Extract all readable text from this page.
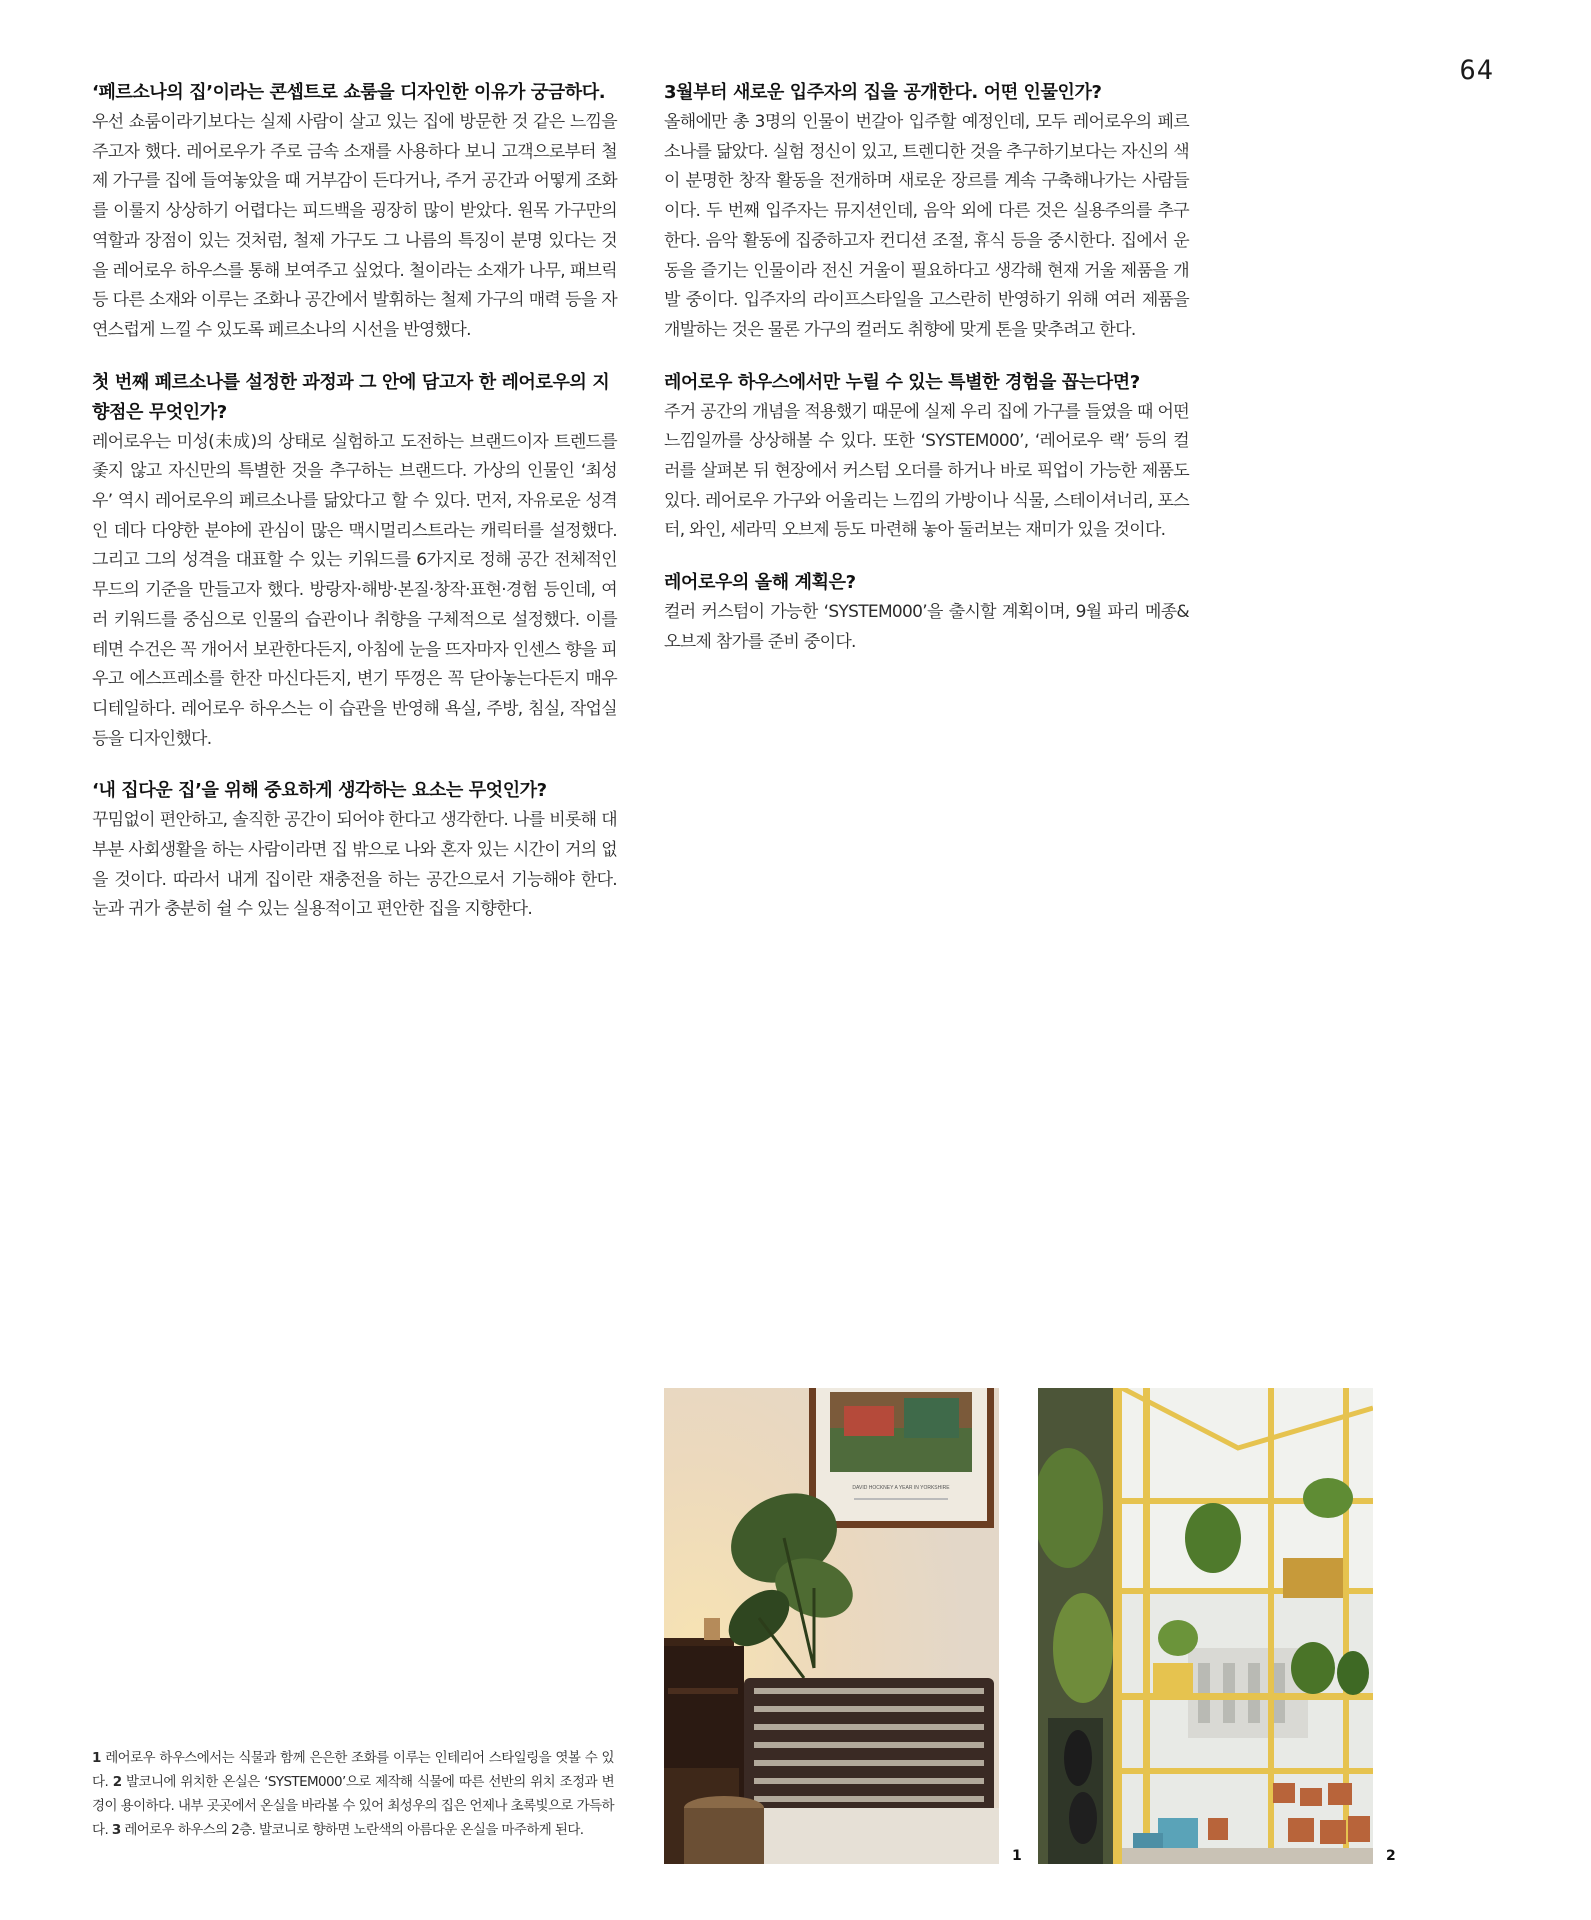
64

‘페르소나의 집’이라는 콘셉트로 쇼룸을 디자인한 이유가 궁금하다.

우선 쇼룸이라기보다는 실제 사람이 살고 있는 집에 방문한 것 같은 느낌을 주고자 했다. 레어로우가 주로 금속 소재를 사용하다 보니 고객으로부터 철제 가구를 집에 들여놓았을 때 거부감이 든다거나, 주거 공간과 어떻게 조화를 이룰지 상상하기 어렵다는 피드백을 굉장히 많이 받았다. 원목 가구만의 역할과 장점이 있는 것처럼, 철제 가구도 그 나름의 특징이 분명 있다는 것을 레어로우 하우스를 통해 보여주고 싶었다. 철이라는 소재가 나무, 패브릭 등 다른 소재와 이루는 조화나 공간에서 발휘하는 철제 가구의 매력 등을 자연스럽게 느낄 수 있도록 페르소나의 시선을 반영했다.

첫 번째 페르소나를 설정한 과정과 그 안에 담고자 한 레어로우의 지향점은 무엇인가?

레어로우는 미성(未成)의 상태로 실험하고 도전하는 브랜드이자 트렌드를 좇지 않고 자신만의 특별한 것을 추구하는 브랜드다. 가상의 인물인 ‘최성우’ 역시 레어로우의 페르소나를 닮았다고 할 수 있다. 먼저, 자유로운 성격인 데다 다양한 분야에 관심이 많은 맥시멀리스트라는 캐릭터를 설정했다. 그리고 그의 성격을 대표할 수 있는 키워드를 6가지로 정해 공간 전체적인 무드의 기준을 만들고자 했다. 방랑자·해방·본질·창작·표현·경험 등인데, 여러 키워드를 중심으로 인물의 습관이나 취향을 구체적으로 설정했다. 이를테면 수건은 꼭 개어서 보관한다든지, 아침에 눈을 뜨자마자 인센스 향을 피우고 에스프레소를 한잔 마신다든지, 변기 뚜껑은 꼭 닫아놓는다든지 매우 디테일하다. 레어로우 하우스는 이 습관을 반영해 욕실, 주방, 침실, 작업실 등을 디자인했다.

‘내 집다운 집’을 위해 중요하게 생각하는 요소는 무엇인가?

꾸밈없이 편안하고, 솔직한 공간이 되어야 한다고 생각한다. 나를 비롯해 대부분 사회생활을 하는 사람이라면 집 밖으로 나와 혼자 있는 시간이 거의 없을 것이다. 따라서 내게 집이란 재충전을 하는 공간으로서 기능해야 한다. 눈과 귀가 충분히 쉴 수 있는 실용적이고 편안한 집을 지향한다.

3월부터 새로운 입주자의 집을 공개한다. 어떤 인물인가?

올해에만 총 3명의 인물이 번갈아 입주할 예정인데, 모두 레어로우의 페르소나를 닮았다. 실험 정신이 있고, 트렌디한 것을 추구하기보다는 자신의 색이 분명한 창작 활동을 전개하며 새로운 장르를 계속 구축해나가는 사람들이다. 두 번째 입주자는 뮤지션인데, 음악 외에 다른 것은 실용주의를 추구한다. 음악 활동에 집중하고자 컨디션 조절, 휴식 등을 중시한다. 집에서 운동을 즐기는 인물이라 전신 거울이 필요하다고 생각해 현재 거울 제품을 개발 중이다. 입주자의 라이프스타일을 고스란히 반영하기 위해 여러 제품을 개발하는 것은 물론 가구의 컬러도 취향에 맞게 톤을 맞추려고 한다.

레어로우 하우스에서만 누릴 수 있는 특별한 경험을 꼽는다면?

주거 공간의 개념을 적용했기 때문에 실제 우리 집에 가구를 들였을 때 어떤 느낌일까를 상상해볼 수 있다. 또한 ‘SYSTEM000’, ‘레어로우 랙’ 등의 컬러를 살펴본 뒤 현장에서 커스텀 오더를 하거나 바로 픽업이 가능한 제품도 있다. 레어로우 가구와 어울리는 느낌의 가방이나 식물, 스테이셔너리, 포스터, 와인, 세라믹 오브제 등도 마련해 놓아 둘러보는 재미가 있을 것이다.

레어로우의 올해 계획은?

컬러 커스텀이 가능한 ‘SYSTEM000’을 출시할 계획이며, 9월 파리 메종&오브제 참가를 준비 중이다.

1 레어로우 하우스에서는 식물과 함께 은은한 조화를 이루는 인테리어 스타일링을 엿볼 수 있다. 2 발코니에 위치한 온실은 ‘SYSTEM000’으로 제작해 식물에 따른 선반의 위치 조정과 변경이 용이하다. 내부 곳곳에서 온실을 바라볼 수 있어 최성우의 집은 언제나 초록빛으로 가득하다. 3 레어로우 하우스의 2층. 발코니로 향하면 노란색의 아름다운 온실을 마주하게 된다.

DAVID HOCKNEY A YEAR IN YORKSHIRE
1	2
